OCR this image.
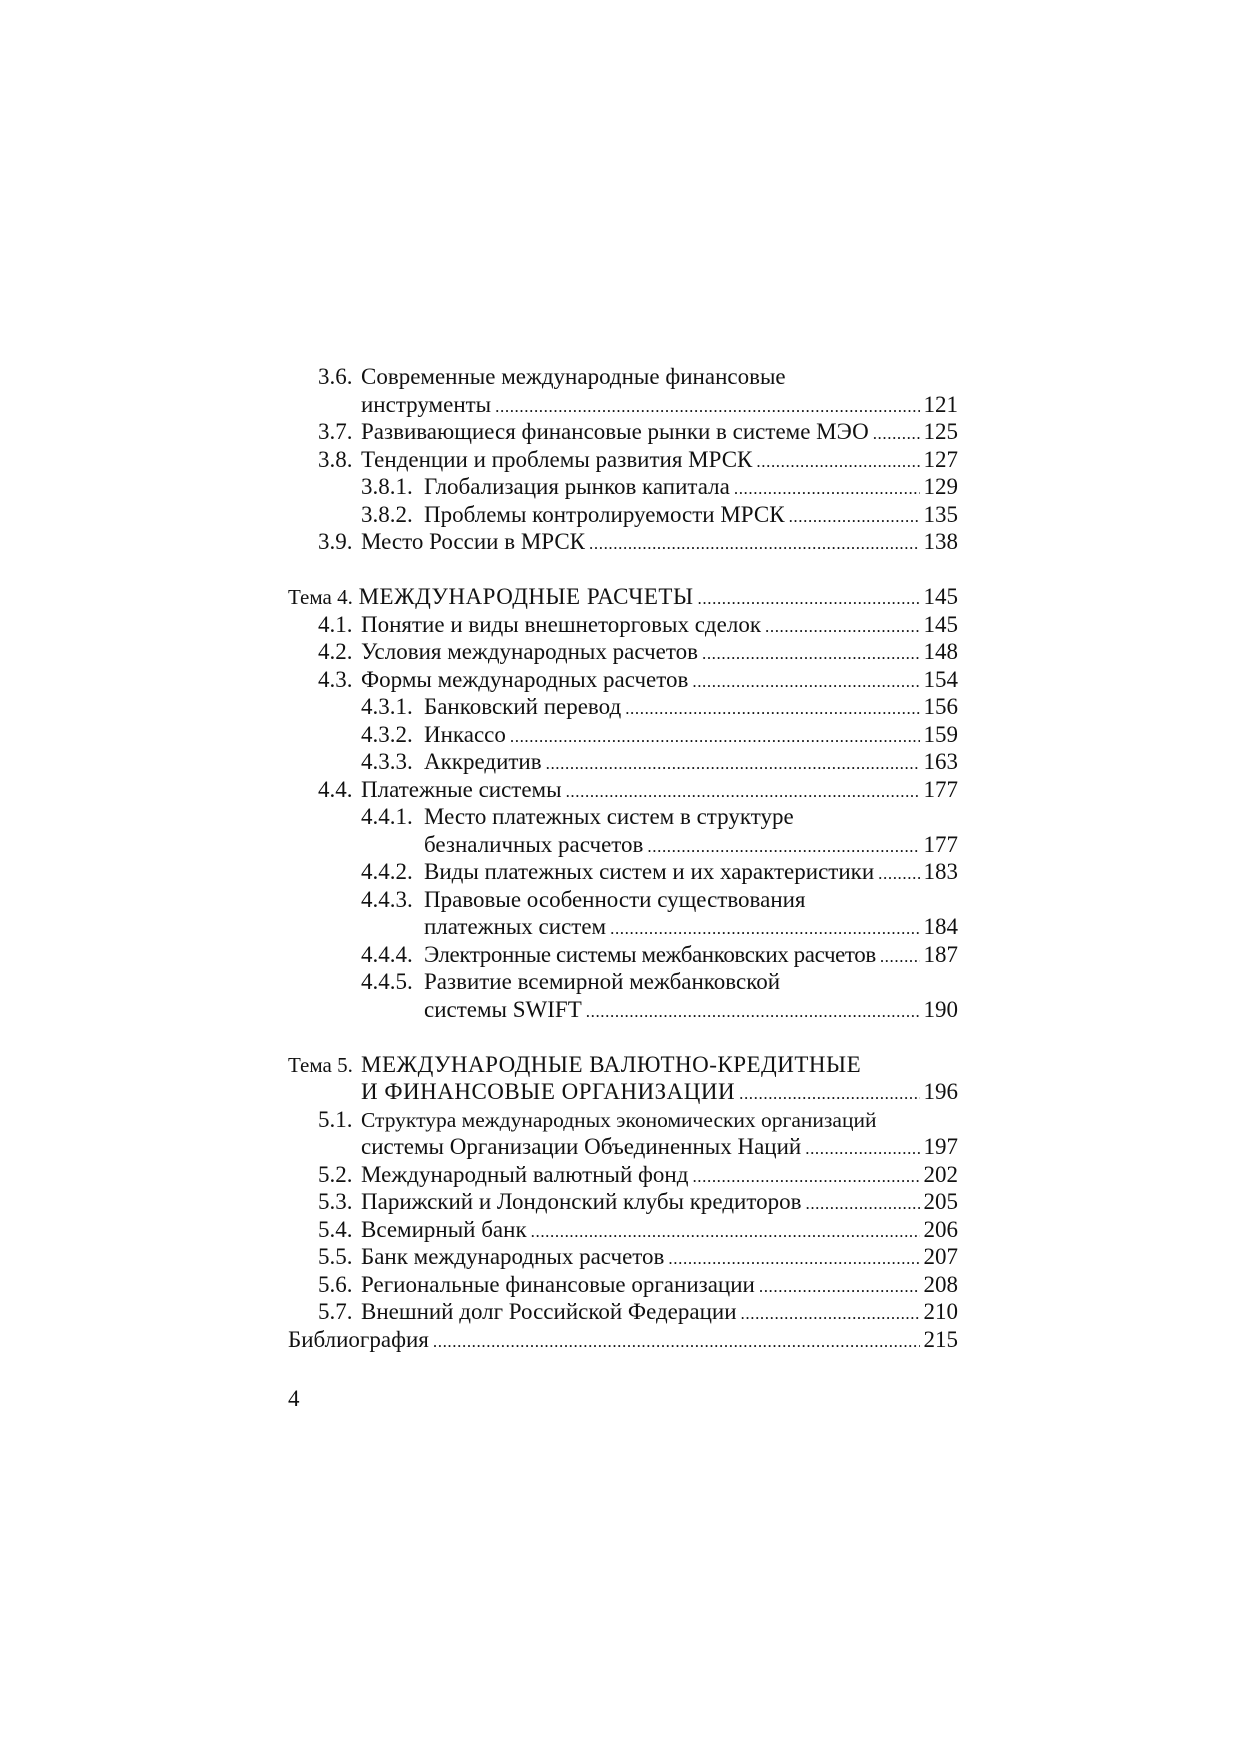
3.6. Современные международные финансовые
инструменты .....	121
3.7. Развивающиеся финансовые рынки в системе МЭО ..... 125
3.8. Тенденции и проблемы развития МРСК .....	127
3.8.1. Глобализация рынков капитала .....	129
3.8.2. Проблемы контролируемости МРСК .....	135
3.9. Место России в МРСК .....	138
Тема 4.
МЕЖДУНАРОДНЫЕ РАСЧЕТЫ .....	145
4.1. Понятие и виды внешнеторговых сделок .....	145
4.2. Условия международных расчетов .....	148
4.3. Формы международных расчетов .....	154
4.3.1. Банковский перевод .....	156
4.3.2. Инкассо .....	159
4.3.3. Аккредитив .....	163
4.4. Платежные системы .....	177
4.4.1. Место платежных систем в структуре
безналичных расчетов .....	177
4.4.2. Виды платежных систем и их характеристики ..... 183
4.4.3. Правовые особенности существования
платежных систем .....	184
4.4.4. Электронные системы межбанковских расчетов ..... 187
4.4.5. Развитие всемирной межбанковской
системы SWIFT .....	190
Тема 5. МЕЖДУНАРОДНЫЕ ВАЛЮТНО-КРЕДИТНЫЕ
И ФИНАНСОВЫЕ ОРГАНИЗАЦИИ .....	196
5.1. Структура международных экономических организаций
системы Организации Объединенных Наций .....	197
5.2. Международный валютный фонд .....	202
5.3. Парижский и Лондонский клубы кредиторов .....	205
5.4. Всемирный банк .....	206
5.5. Банк международных расчетов .....	207
5.6. Региональные финансовые организации .....	208
5.7. Внешний долг Российской Федерации .....	210
Библиография .....	215
4
